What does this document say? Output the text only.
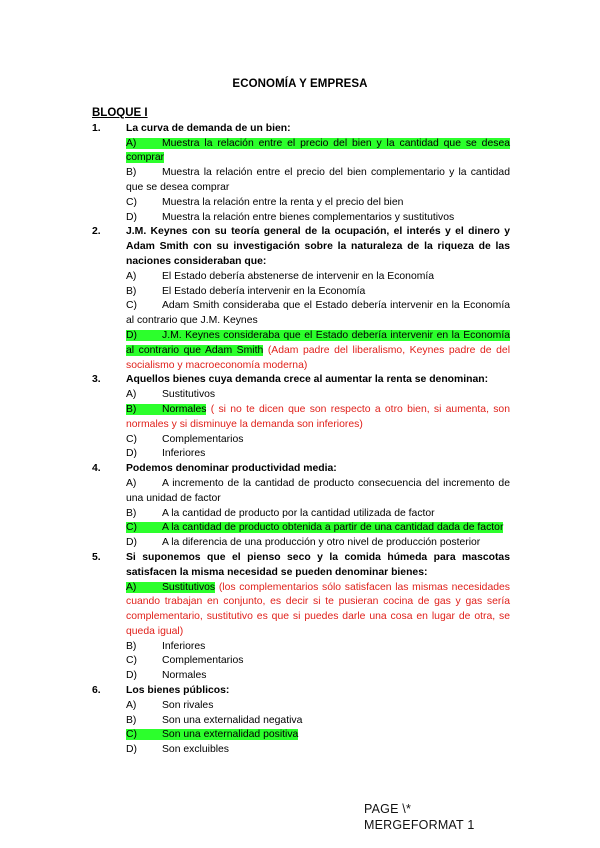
ECONOMÍA Y EMPRESA
BLOQUE I
1. La curva de demanda de un bien:
A) Muestra la relación entre el precio del bien y la cantidad que se desea comprar
B) Muestra la relación entre el precio del bien complementario y la cantidad que se desea comprar
C) Muestra la relación entre la renta y el precio del bien
D) Muestra la relación entre bienes complementarios y sustitutivos
2. J.M. Keynes con su teoría general de la ocupación, el interés y el dinero y Adam Smith con su investigación sobre la naturaleza de la riqueza de las naciones consideraban que:
A) El Estado debería abstenerse de intervenir en la Economía
B) El Estado debería intervenir en la Economía
C) Adam Smith consideraba que el Estado debería intervenir en la Economía al contrario que J.M. Keynes
D) J.M. Keynes consideraba que el Estado debería intervenir en la Economía al contrario que Adam Smith (Adam padre del liberalismo, Keynes padre de del socialismo y macroeconomía moderna)
3. Aquellos bienes cuya demanda crece al aumentar la renta se denominan:
A) Sustitutivos
B) Normales ( si no te dicen que son respecto a otro bien, si aumenta, son normales y si disminuye la demanda son inferiores)
C) Complementarios
D) Inferiores
4. Podemos denominar productividad media:
A) A incremento de la cantidad de producto consecuencia del incremento de una unidad de factor
B) A la cantidad de producto por la cantidad utilizada de factor
C) A la cantidad de producto obtenida a partir de una cantidad dada de factor
D) A la diferencia de una producción y otro nivel de producción posterior
5. Si suponemos que el pienso seco y la comida húmeda para mascotas satisfacen la misma necesidad se pueden denominar bienes:
A) Sustitutivos (los complementarios sólo satisfacen las mismas necesidades cuando trabajan en conjunto, es decir si te pusieran cocina de gas y gas sería complementario, sustitutivo es que si puedes darle una cosa en lugar de otra, se queda igual)
B) Inferiores
C) Complementarios
D) Normales
6. Los bienes públicos:
A) Son rivales
B) Son una externalidad negativa
C) Son una externalidad positiva
D) Son excluibles
PAGE \*
MERGEFORMAT 1
